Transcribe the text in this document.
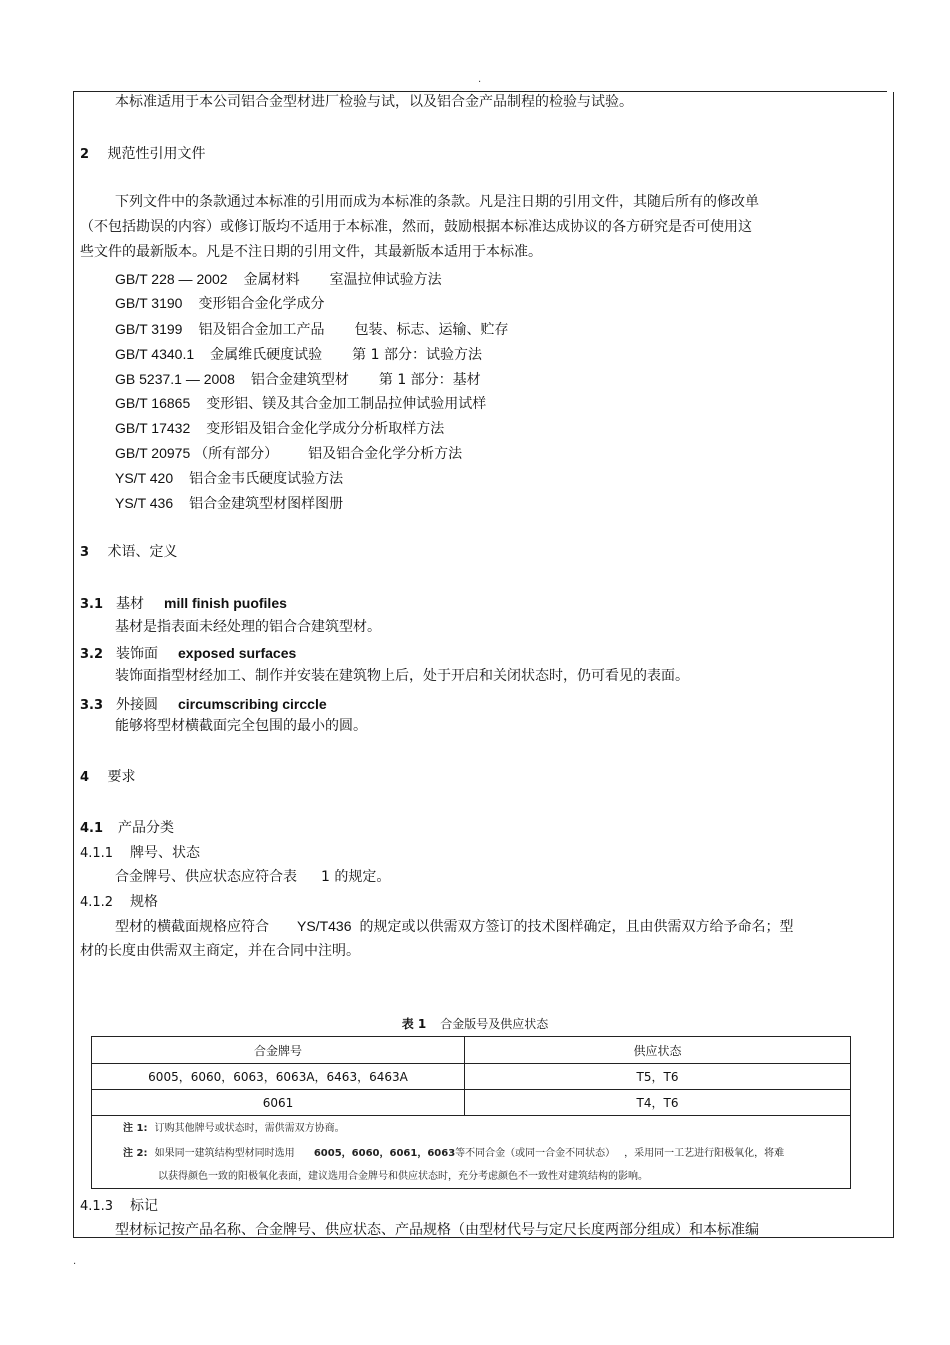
.
本标准适用于本公司铝合金型材进厂检验与试，以及铝合金产品制程的检验与试验。
2 规范性引用文件
下列文件中的条款通过本标准的引用而成为本标准的条款。凡是注日期的引用文件，其随后所有的修改单
（不包括勘误的内容）或修订版均不适用于本标准，然而，鼓励根据本标准达成协议的各方研究是否可使用这
些文件的最新版本。凡是不注日期的引用文件，其最新版本适用于本标准。
GB/T 228 — 2002 金属材料 室温拉伸试验方法
GB/T 3190 变形铝合金化学成分
GB/T 3199 铝及铝合金加工产品 包装、标志、运输、贮存
GB/T 4340.1 金属维氏硬度试验 第 1 部分：试验方法
GB 5237.1 — 2008 铝合金建筑型材 第 1 部分：基材
GB/T 16865 变形铝、镁及其合金加工制品拉伸试验用试样
GB/T 17432 变形铝及铝合金化学成分分析取样方法
GB/T 20975 （所有部分） 铝及铝合金化学分析方法
YS/T 420 铝合金韦氏硬度试验方法
YS/T 436 铝合金建筑型材图样图册
3 术语、定义
3.1 基材 mill finish puofiles
基材是指表面未经处理的铝合合建筑型材。
3.2 装饰面 exposed surfaces
装饰面指型材经加工、制作并安装在建筑物上后，处于开启和关闭状态时，仍可看见的表面。
3.3 外接圆 circumscribing circcle
能够将型材横截面完全包围的最小的圆。
4 要求
4.1 产品分类
4.1.1 牌号、状态
合金牌号、供应状态应符合表 1 的规定。
4.1.2 规格
型材的横截面规格应符合 YS/T436 的规定或以供需双方签订的技术图样确定，且由供需双方给予命名；型
材的长度由供需双主商定，并在合同中注明。
表 1 合金版号及供应状态
合金牌号	供应状态
6005，6060，6063，6063A，6463，6463A	T5，T6
6061	T4，T6
注 1: 订购其他牌号或状态时，需供需双方协商。
注 2: 如果同一建筑结构型材同时选用 6005，6060，6061，6063等不同合金（或同一合金不同状态） ，采用同一工艺进行阳极氧化，将难
以获得颜色一致的阳极氧化表面，建议选用合金牌号和供应状态时，充分考虑颜色不一致性对建筑结构的影响。
4.1.3 标记
型材标记按产品名称、合金牌号、供应状态、产品规格（由型材代号与定尺长度两部分组成）和本标准编
.
